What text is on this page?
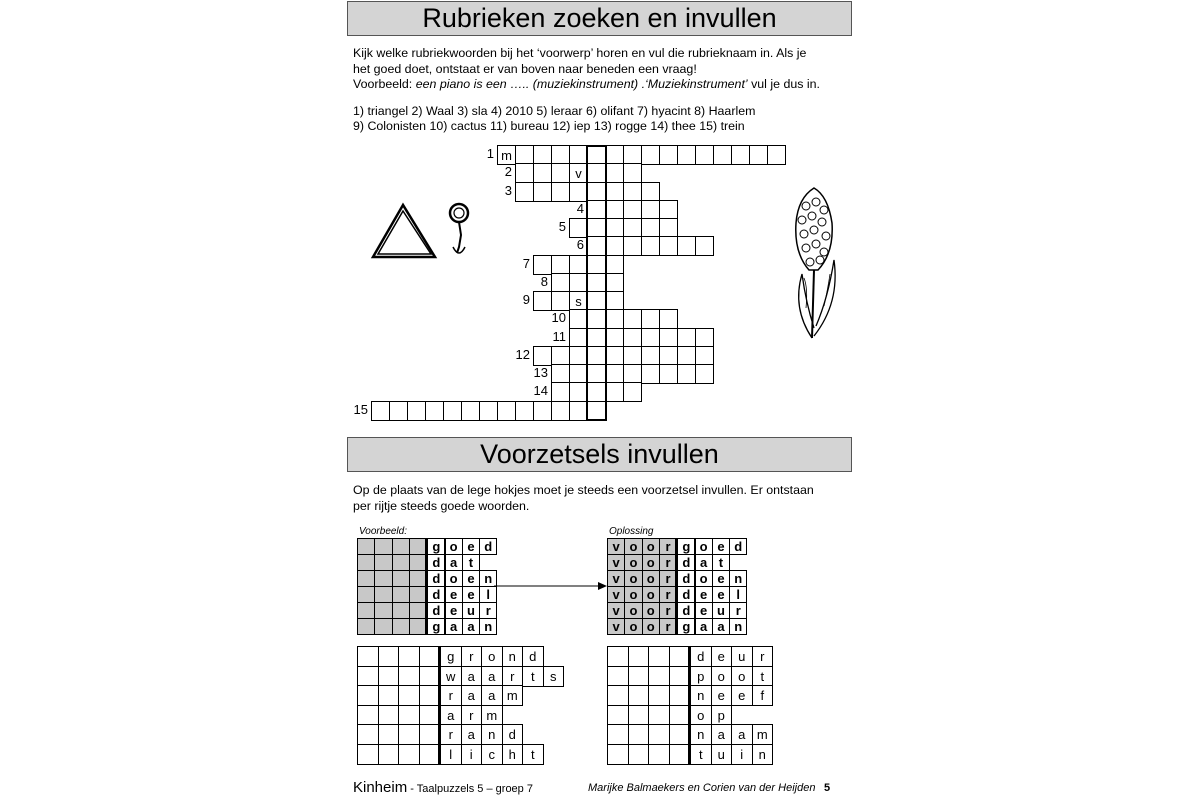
Rubrieken zoeken en invullen
Kijk welke rubriekwoorden bij het ‘voorwerp’ horen en vul die rubrieknaam in. Als je
het goed doet, ontstaat er van boven naar beneden een vraag!
Voorbeeld: een piano is een ….. (muziekinstrument) .‘Muziekinstrument’ vul je dus in.
1) triangel 2) Waal 3) sla 4) 2010 5) leraar 6) olifant 7) hyacint 8) Haarlem
9) Colonisten 10) cactus 11) bureau 12) iep 13) rogge 14) thee 15) trein
1 m
2	v
3
4
5
6
7
8
9	s
10
11
12
13
14
15
Voorzetsels invullen
Op de plaats van de lege hokjes moet je steeds een voorzetsel invullen. Er ontstaan
per rijtje steeds goede woorden.
Voorbeeld:	Oplossing
g o e d
d a t
d o e n
d e e l
d e u r
g a a n
v o o r g o e d
v o o r d a t
v o o r d o e n
v o o r d e e l
v o o r d e u r
v o o r g a a n
g	r	o	n	d
w a	a	r	t	s
r	a	a m
a	r m
r	a	n	d
l	i	c	h	t
d	e	u	r
p	o	o	t
n	e	e	f
o	p
n	a	a m
t	u	i	n
Kinheim - Taalpuzzels 5 – groep 7	Marijke Balmaekers en Corien van der Heijden 5
